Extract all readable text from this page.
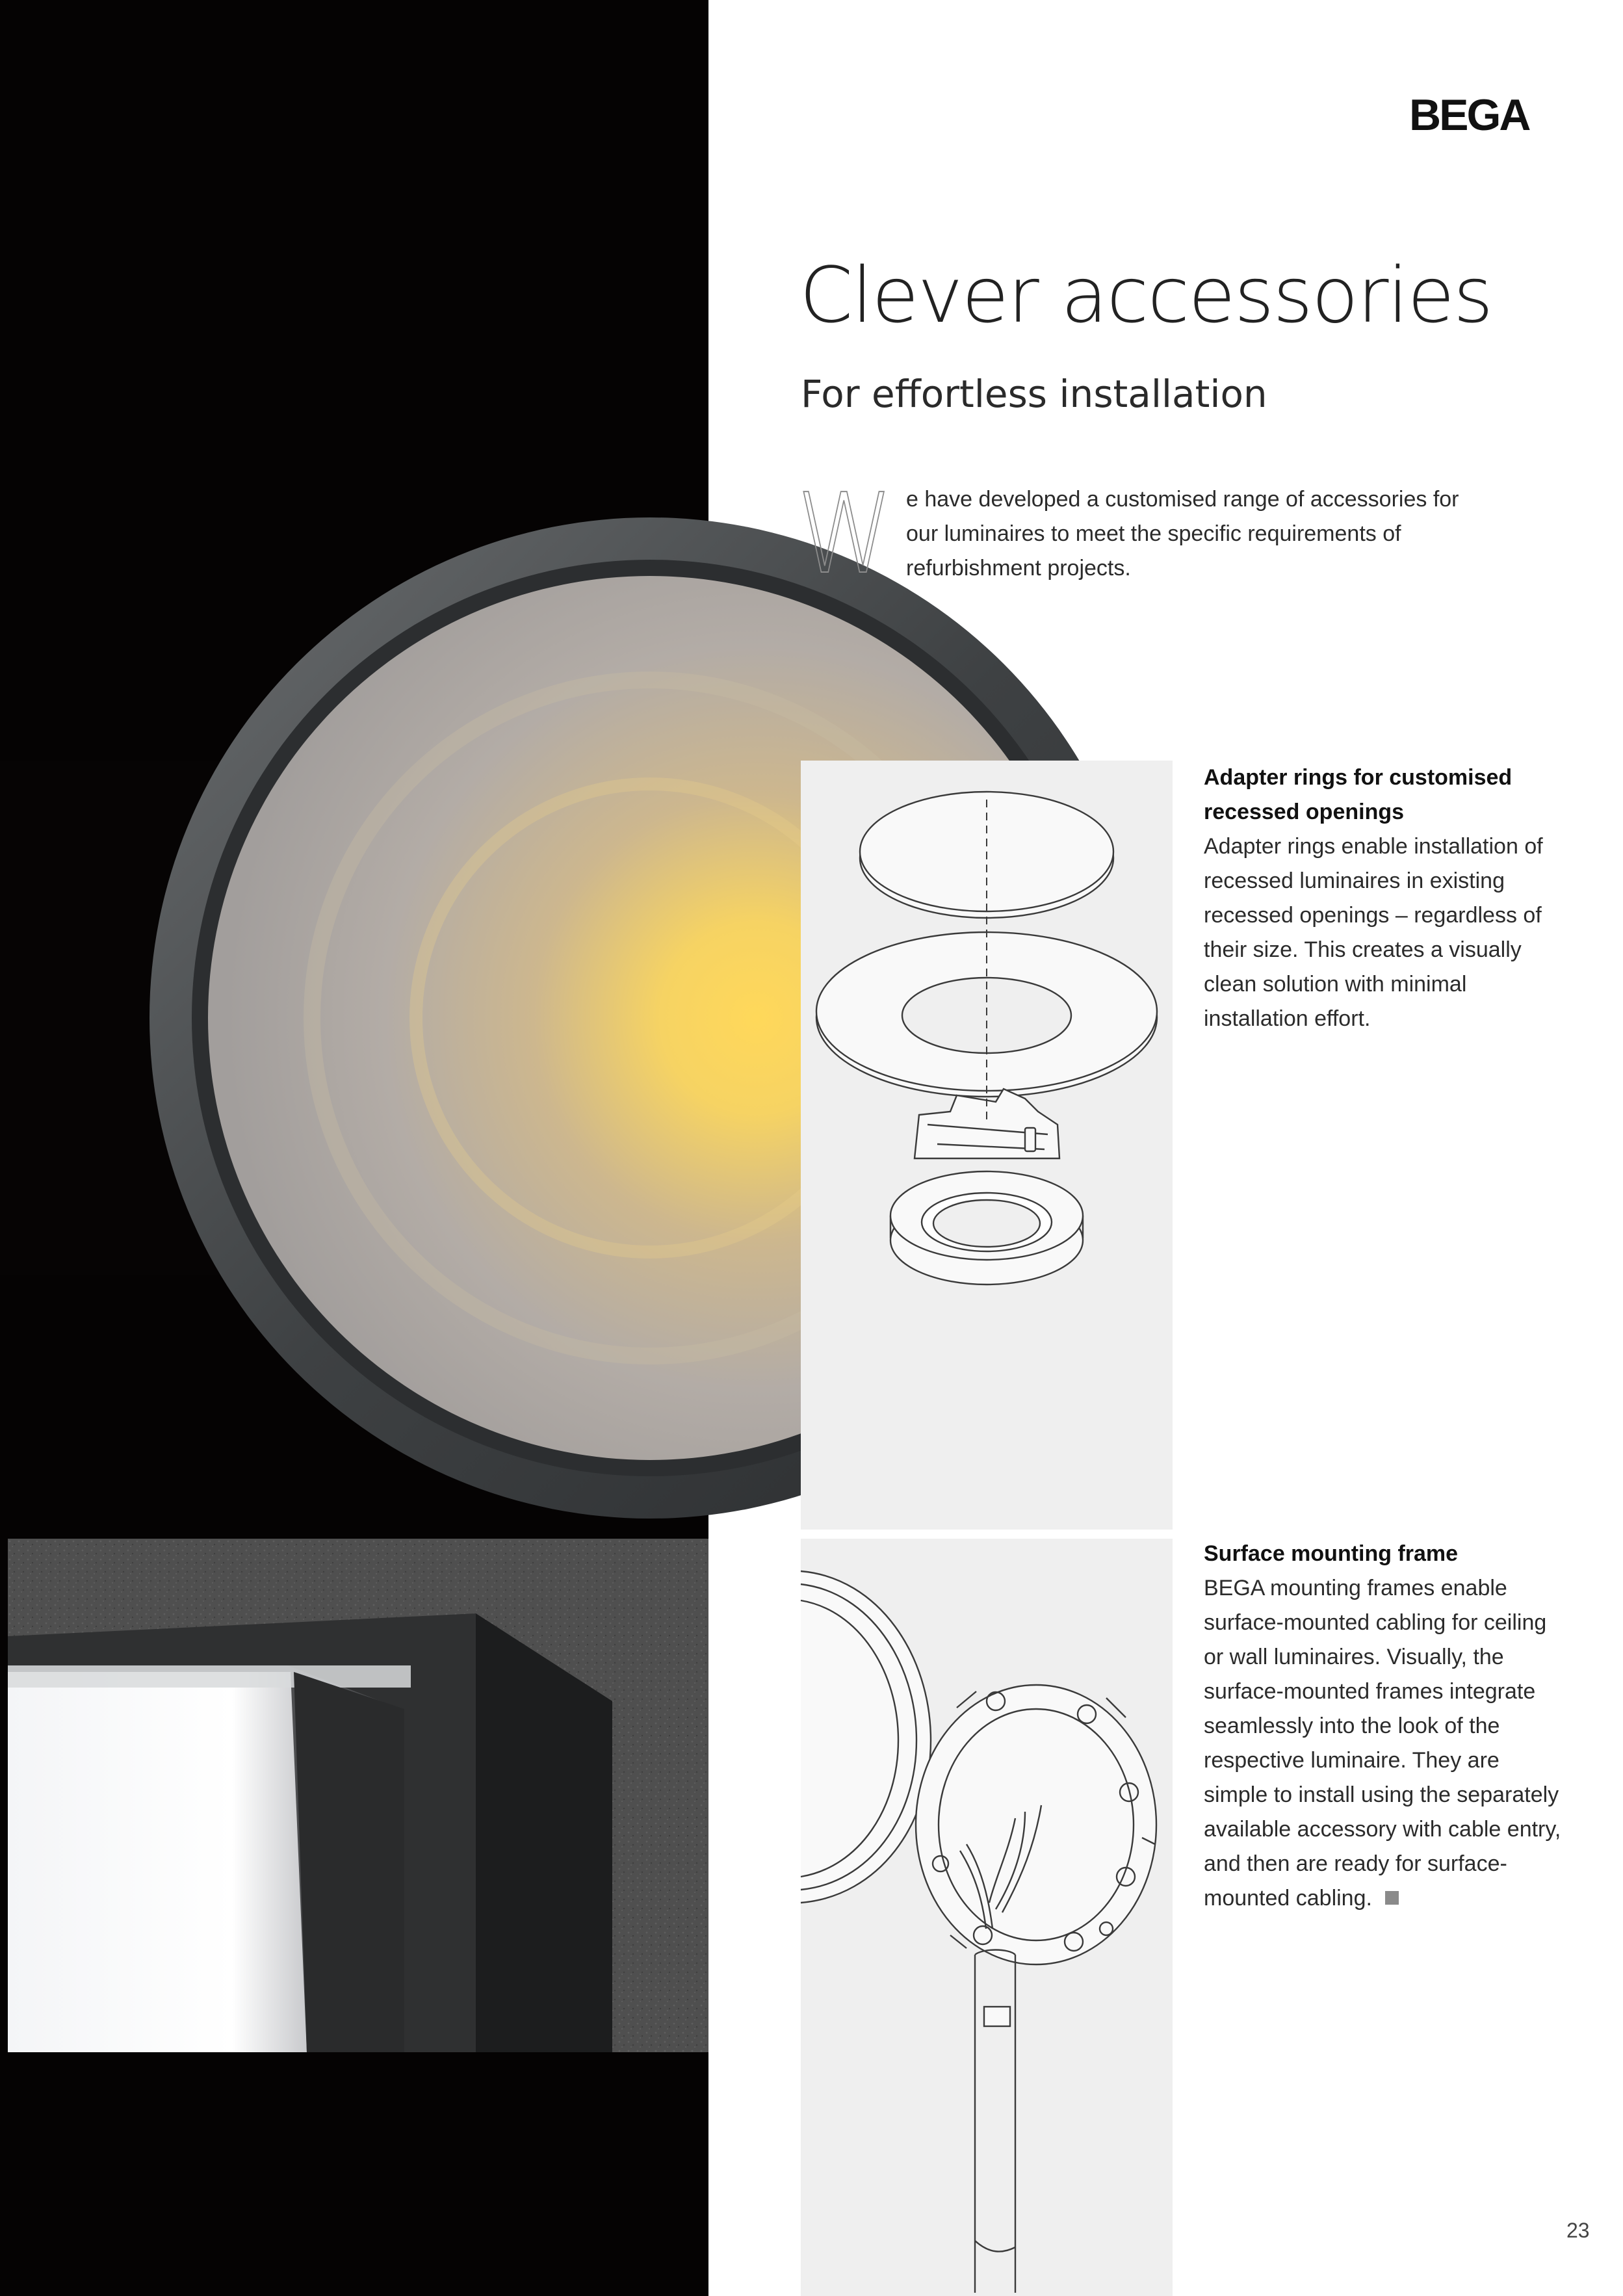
BEGA
Clever accessories
For effortless installation
W e have developed a customised range of accessories for our luminaires to meet the specific requirements of refurbishment projects.

Adapter rings for customised recessed openings

Adapter rings enable installation of recessed luminaires in existing recessed openings – regardless of their size. This creates a visually clean solution with minimal installation effort.

Surface mounting frame

BEGA mounting frames enable surface-mounted cabling for ceiling or wall luminaires. Visually, the surface-mounted frames integrate seamlessly into the look of the respective luminaire. They are simple to install using the separately available accessory with cable entry, and then are ready for surface-mounted cabling.

23
